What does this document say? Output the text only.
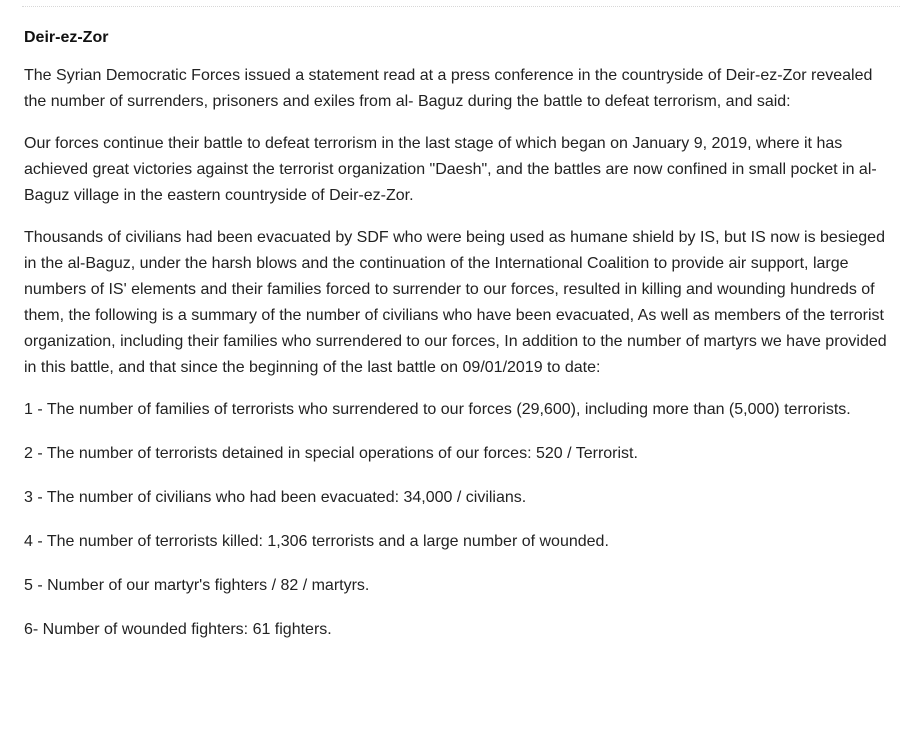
Deir-ez-Zor

The Syrian Democratic Forces issued a statement read at a press conference in the countryside of Deir-ez-Zor revealed the number of surrenders, prisoners and exiles from al- Baguz during the battle to defeat terrorism, and said:

Our forces continue their battle to defeat terrorism in the last stage of which began on January 9, 2019, where it has achieved great victories against the terrorist organization "Daesh", and the battles are now confined in small pocket in al-Baguz village in the eastern countryside of Deir-ez-Zor.

Thousands of civilians had been evacuated by SDF who were being used as humane shield by IS, but IS now is besieged in the al-Baguz, under the harsh blows and the continuation of the International Coalition to provide air support, large numbers of IS' elements and their families forced to surrender to our forces, resulted in killing and wounding hundreds of them, the following is a summary of the number of civilians who have been evacuated, As well as members of the terrorist organization, including their families who surrendered to our forces, In addition to the number of martyrs we have provided in this battle, and that since the beginning of the last battle on 09/01/2019 to date:

1 - The number of families of terrorists who surrendered to our forces (29,600), including more than (5,000) terrorists.

2 - The number of terrorists detained in special operations of our forces: 520 / Terrorist.

3 - The number of civilians who had been evacuated: 34,000 / civilians.

4 - The number of terrorists killed: 1,306 terrorists and a large number of wounded.

5 - Number of our martyr's fighters / 82 / martyrs.

6- Number of wounded fighters: 61 fighters.
